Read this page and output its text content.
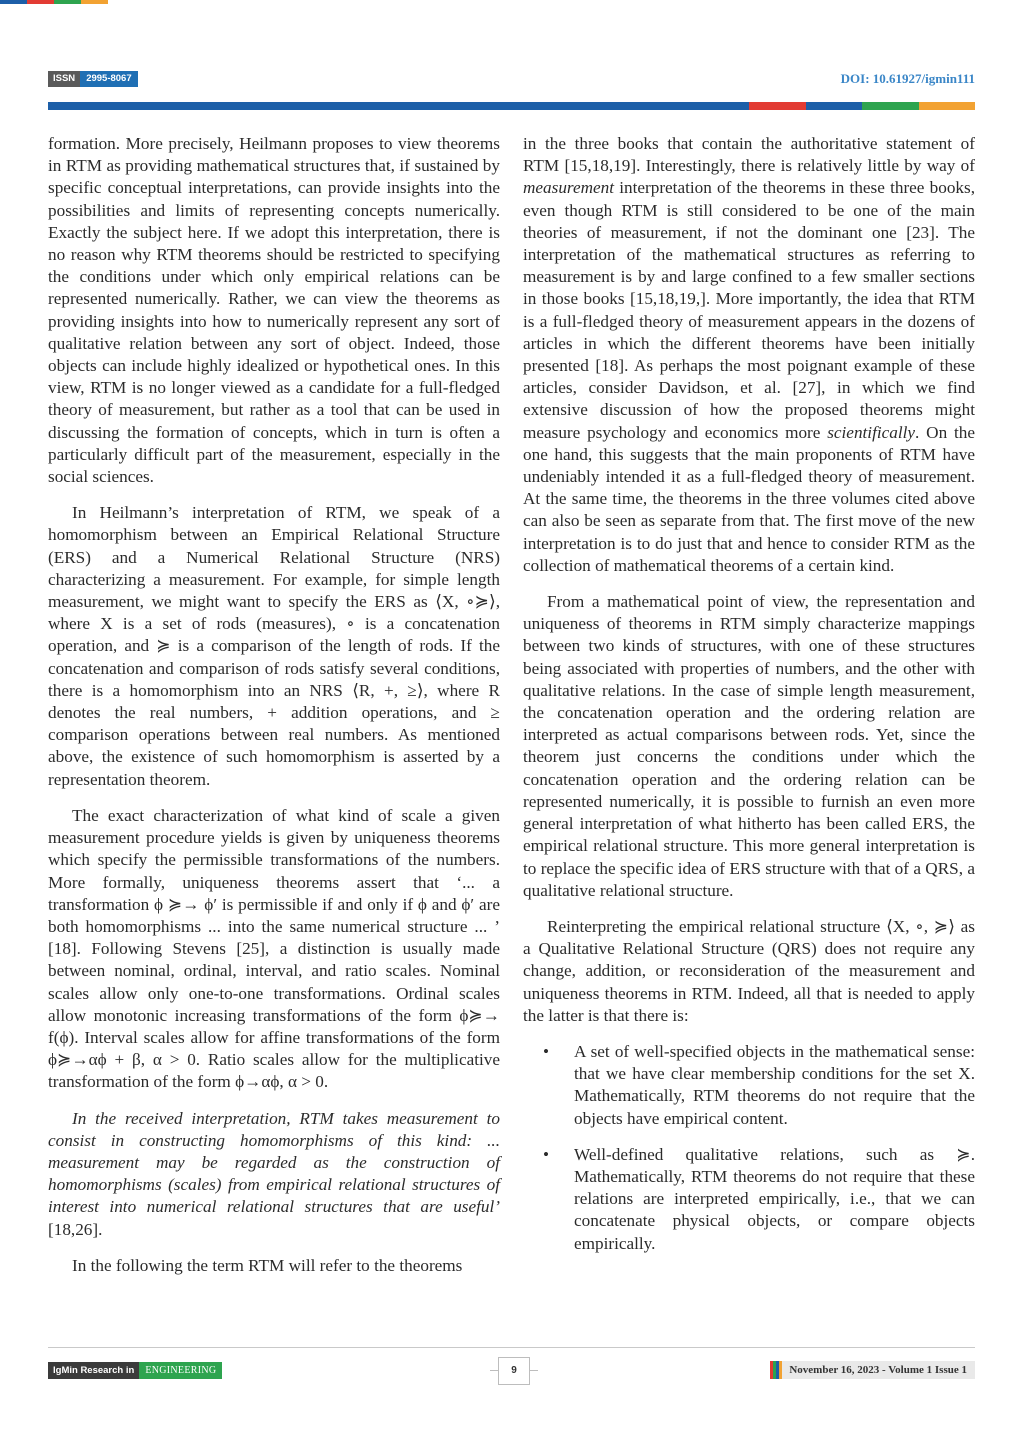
ISSN	2995-8067	DOI: 10.61927/igmin111

formation. More precisely, Heilmann proposes to view theorems in RTM as providing mathematical structures that, if sustained by specific conceptual interpretations, can provide insights into the possibilities and limits of representing concepts numerically. Exactly the subject here. If we adopt this interpretation, there is no reason why RTM theorems should be restricted to specifying the conditions under which only empirical relations can be represented numerically. Rather, we can view the theorems as providing insights into how to numerically represent any sort of qualitative relation between any sort of object. Indeed, those objects can include highly idealized or hypothetical ones. In this view, RTM is no longer viewed as a candidate for a full-fledged theory of measurement, but rather as a tool that can be used in discussing the formation of concepts, which in turn is often a particularly difficult part of the measurement, especially in the social sciences.

In Heilmann’s interpretation of RTM, we speak of a homomorphism between an Empirical Relational Structure (ERS) and a Numerical Relational Structure (NRS) characterizing a measurement. For example, for simple length measurement, we might want to specify the ERS as ⟨X, ∘≽⟩, where X is a set of rods (measures), ∘ is a concatenation operation, and ≽ is a comparison of the length of rods. If the concatenation and comparison of rods satisfy several conditions, there is a homomorphism into an NRS ⟨R, +, ≥⟩, where R denotes the real numbers, + addition operations, and ≥ comparison operations between real numbers. As mentioned above, the existence of such homomorphism is asserted by a representation theorem.

The exact characterization of what kind of scale a given measurement procedure yields is given by uniqueness theorems which specify the permissible transformations of the numbers. More formally, uniqueness theorems assert that ‘... a transformation ϕ ≽→ ϕ′ is permissible if and only if ϕ and ϕ′ are both homomorphisms ... into the same numerical structure ... ’ [18]. Following Stevens [25], a distinction is usually made between nominal, ordinal, interval, and ratio scales. Nominal scales allow only one-to-one transformations. Ordinal scales allow monotonic increasing transformations of the form ϕ≽→ f(ϕ). Interval scales allow for affine transformations of the form ϕ≽→αϕ + β, α > 0. Ratio scales allow for the multiplicative transformation of the form ϕ→αϕ, α > 0.

In the received interpretation, RTM takes measurement to consist in constructing homomorphisms of this kind: ... measurement may be regarded as the construction of homomorphisms (scales) from empirical relational structures of interest into numerical relational structures that are useful’ [18,26].

In the following the term RTM will refer to the theorems

in the three books that contain the authoritative statement of RTM [15,18,19]. Interestingly, there is relatively little by way of measurement interpretation of the theorems in these three books, even though RTM is still considered to be one of the main theories of measurement, if not the dominant one [23]. The interpretation of the mathematical structures as referring to measurement is by and large confined to a few smaller sections in those books [15,18,19,]. More importantly, the idea that RTM is a full-fledged theory of measurement appears in the dozens of articles in which the different theorems have been initially presented [18]. As perhaps the most poignant example of these articles, consider Davidson, et al. [27], in which we find extensive discussion of how the proposed theorems might measure psychology and economics more scientifically. On the one hand, this suggests that the main proponents of RTM have undeniably intended it as a full-fledged theory of measurement. At the same time, the theorems in the three volumes cited above can also be seen as separate from that. The first move of the new interpretation is to do just that and hence to consider RTM as the collection of mathematical theorems of a certain kind.

From a mathematical point of view, the representation and uniqueness of theorems in RTM simply characterize mappings between two kinds of structures, with one of these structures being associated with properties of numbers, and the other with qualitative relations. In the case of simple length measurement, the concatenation operation and the ordering relation are interpreted as actual comparisons between rods. Yet, since the theorem just concerns the conditions under which the concatenation operation and the ordering relation can be represented numerically, it is possible to furnish an even more general interpretation of what hitherto has been called ERS, the empirical relational structure. This more general interpretation is to replace the specific idea of ERS structure with that of a QRS, a qualitative relational structure.

Reinterpreting the empirical relational structure ⟨X, ∘, ≽⟩ as a Qualitative Relational Structure (QRS) does not require any change, addition, or reconsideration of the measurement and uniqueness theorems in RTM. Indeed, all that is needed to apply the latter is that there is:

• A set of well-specified objects in the mathematical sense: that we have clear membership conditions for the set X. Mathematically, RTM theorems do not require that the objects have empirical content.
• Well-defined qualitative relations, such as ≽. Mathematically, RTM theorems do not require that these relations are interpreted empirically, i.e., that we can concatenate physical objects, or compare objects empirically.
IgMin Research in	ENGINEERING	9	November 16, 2023 - Volume 1 Issue 1
